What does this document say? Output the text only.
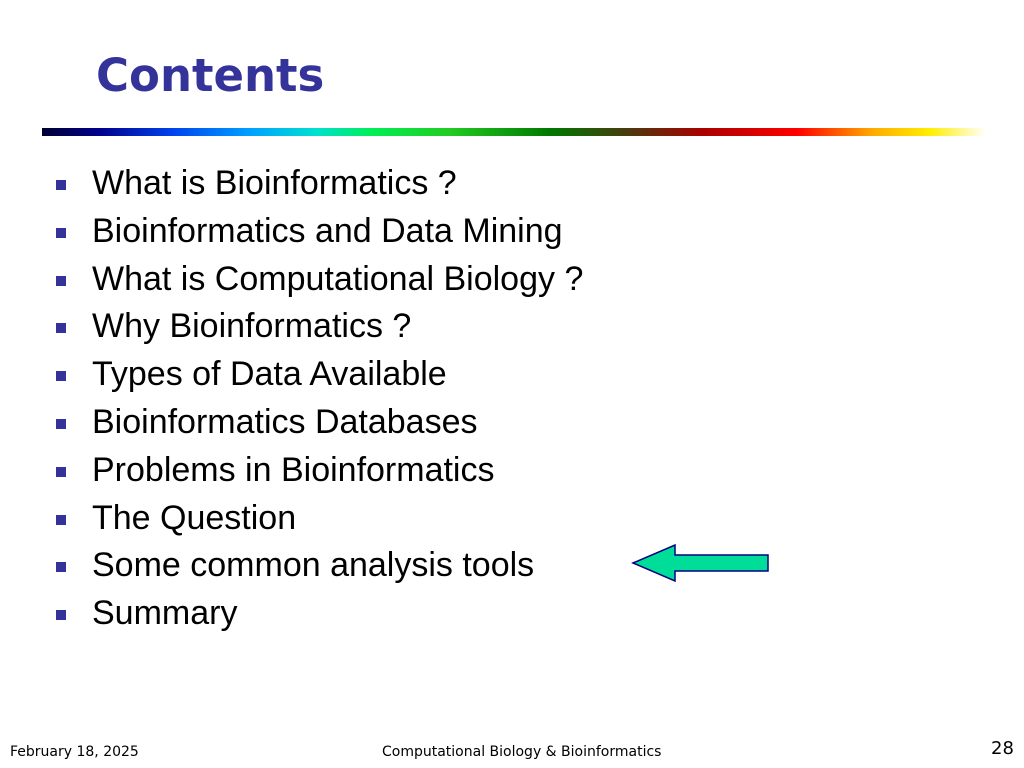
Contents
What is Bioinformatics ?
Bioinformatics and Data Mining
What is Computational Biology ?
Why Bioinformatics ?
Types of Data Available
Bioinformatics Databases
Problems in Bioinformatics
The Question
Some common analysis tools
Summary
February 18, 2025	Computational Biology & Bioinformatics	28
